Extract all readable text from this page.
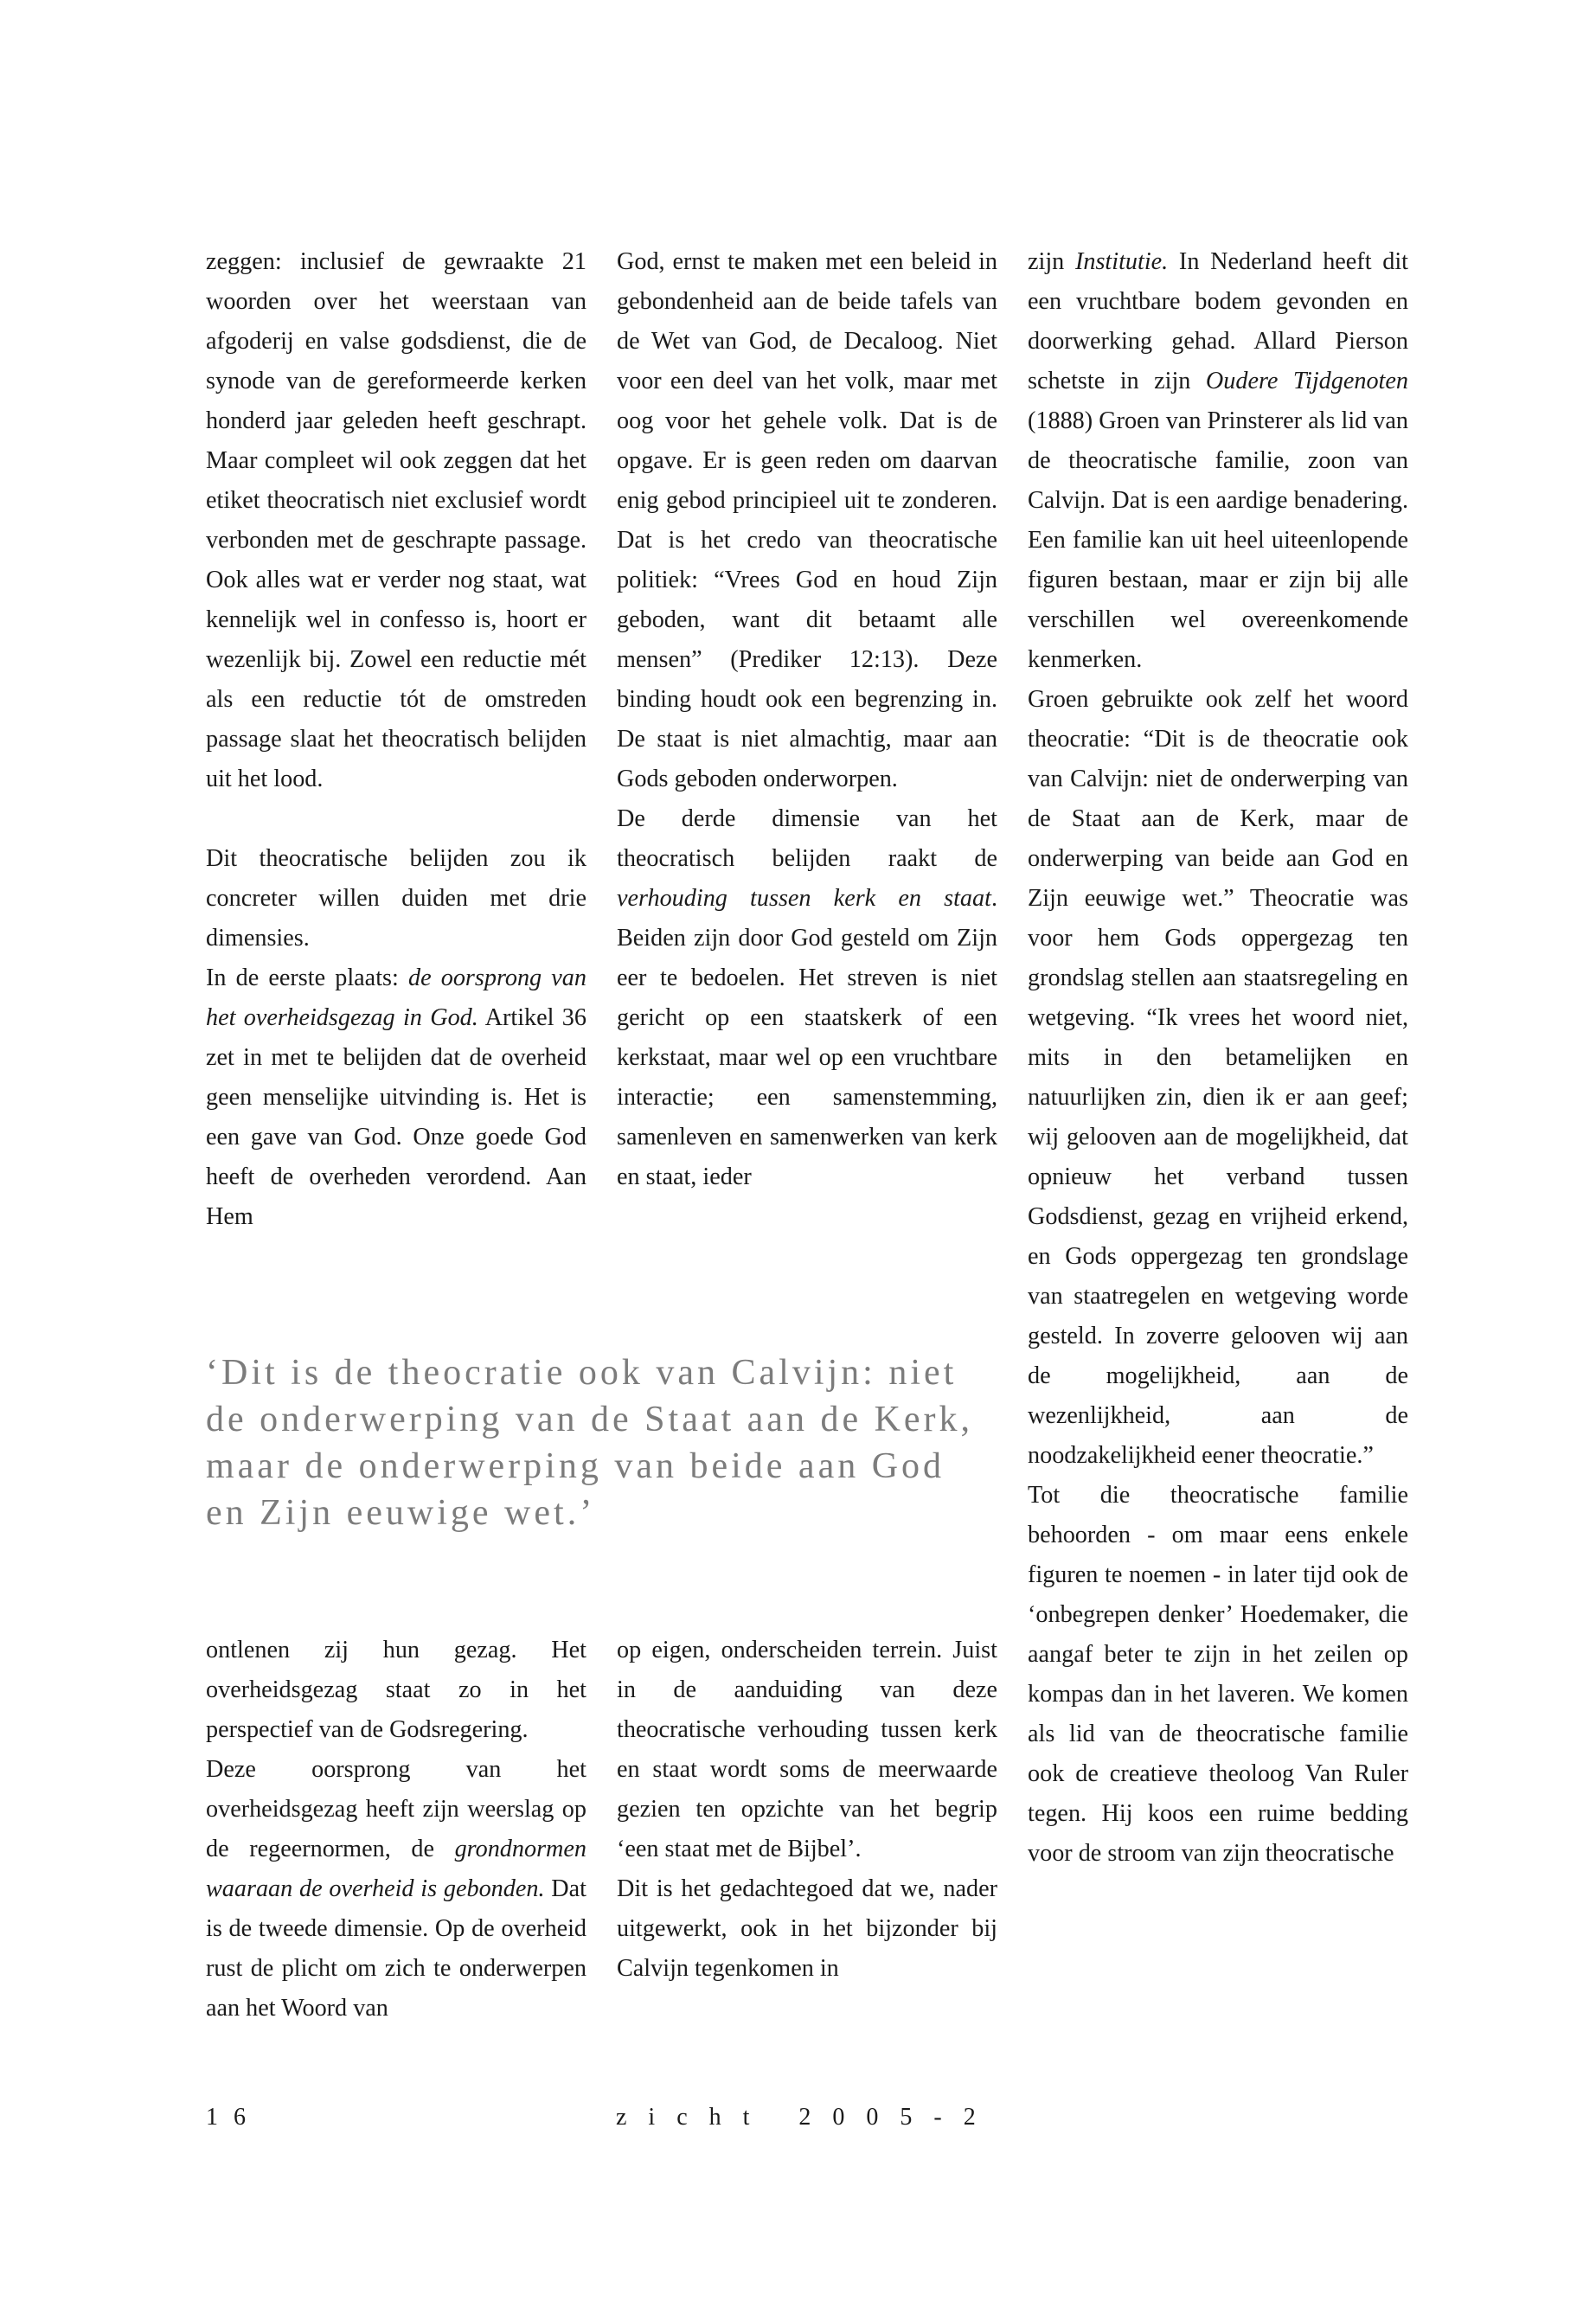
zeggen: inclusief de gewraakte 21 woorden over het weerstaan van afgoderij en valse godsdienst, die de synode van de gereformeerde kerken honderd jaar geleden heeft geschrapt. Maar compleet wil ook zeggen dat het etiket theocratisch niet exclusief wordt verbonden met de geschrapte passage. Ook alles wat er verder nog staat, wat kennelijk wel in confesso is, hoort er wezenlijk bij. Zowel een reductie mét als een reductie tót de omstreden passage slaat het theocratisch belijden uit het lood.

Dit theocratische belijden zou ik concreter willen duiden met drie dimensies.

In de eerste plaats: de oorsprong van het overheidsgezag in God. Artikel 36 zet in met te belijden dat de overheid geen menselijke uitvinding is. Het is een gave van God. Onze goede God heeft de overheden verordend. Aan Hem

God, ernst te maken met een beleid in gebondenheid aan de beide tafels van de Wet van God, de Decaloog. Niet voor een deel van het volk, maar met oog voor het gehele volk. Dat is de opgave. Er is geen reden om daarvan enig gebod principieel uit te zonderen. Dat is het credo van theocratische politiek: “Vrees God en houd Zijn geboden, want dit betaamt alle mensen” (Prediker 12:13). Deze binding houdt ook een begrenzing in. De staat is niet almachtig, maar aan Gods geboden onderworpen.

De derde dimensie van het theocratisch belijden raakt de verhouding tussen kerk en staat. Beiden zijn door God gesteld om Zijn eer te bedoelen. Het streven is niet gericht op een staatskerk of een kerkstaat, maar wel op een vruchtbare interactie; een samenstemming, samenleven en samenwerken van kerk en staat, ieder

zijn Institutie. In Nederland heeft dit een vruchtbare bodem gevonden en doorwerking gehad. Allard Pierson schetste in zijn Oudere Tijdgenoten (1888) Groen van Prinsterer als lid van de theocratische familie, zoon van Calvijn. Dat is een aardige benadering. Een familie kan uit heel uiteenlopende figuren bestaan, maar er zijn bij alle verschillen wel overeenkomende kenmerken.

Groen gebruikte ook zelf het woord theocratie: “Dit is de theocratie ook van Calvijn: niet de onderwerping van de Staat aan de Kerk, maar de onderwerping van beide aan God en Zijn eeuwige wet.” Theocratie was voor hem Gods oppergezag ten grondslag stellen aan staatsregeling en wetgeving. “Ik vrees het woord niet, mits in den betamelijken en natuurlijken zin, dien ik er aan geef; wij gelooven aan de mogelijkheid, dat opnieuw het verband tussen Godsdienst, gezag en vrijheid erkend, en Gods oppergezag ten grondslage van staatregelen en wetgeving worde gesteld. In zoverre gelooven wij aan de mogelijkheid, aan de wezenlijkheid, aan de noodzakelijkheid eener theocratie.”

Tot die theocratische familie behoorden - om maar eens enkele figuren te noemen - in later tijd ook de ‘onbegrepen denker’ Hoedemaker, die aangaf beter te zijn in het zeilen op kompas dan in het laveren. We komen als lid van de theocratische familie ook de creatieve theoloog Van Ruler tegen. Hij koos een ruime bedding voor de stroom van zijn theocratische

‘Dit is de theocratie ook van Calvijn: niet de onderwerping van de Staat aan de Kerk, maar de onderwerping van beide aan God en Zijn eeuwige wet.’

ontlenen zij hun gezag. Het overheidsgezag staat zo in het perspectief van de Godsregering.

Deze oorsprong van het overheidsgezag heeft zijn weerslag op de regeernormen, de grondnormen waaraan de overheid is gebonden. Dat is de tweede dimensie. Op de overheid rust de plicht om zich te onderwerpen aan het Woord van

op eigen, onderscheiden terrein. Juist in de aanduiding van deze theocratische verhouding tussen kerk en staat wordt soms de meerwaarde gezien ten opzichte van het begrip ‘een staat met de Bijbel’.

Dit is het gedachtegoed dat we, nader uitgewerkt, ook in het bijzonder bij Calvijn tegenkomen in

16	zicht 2005-2
